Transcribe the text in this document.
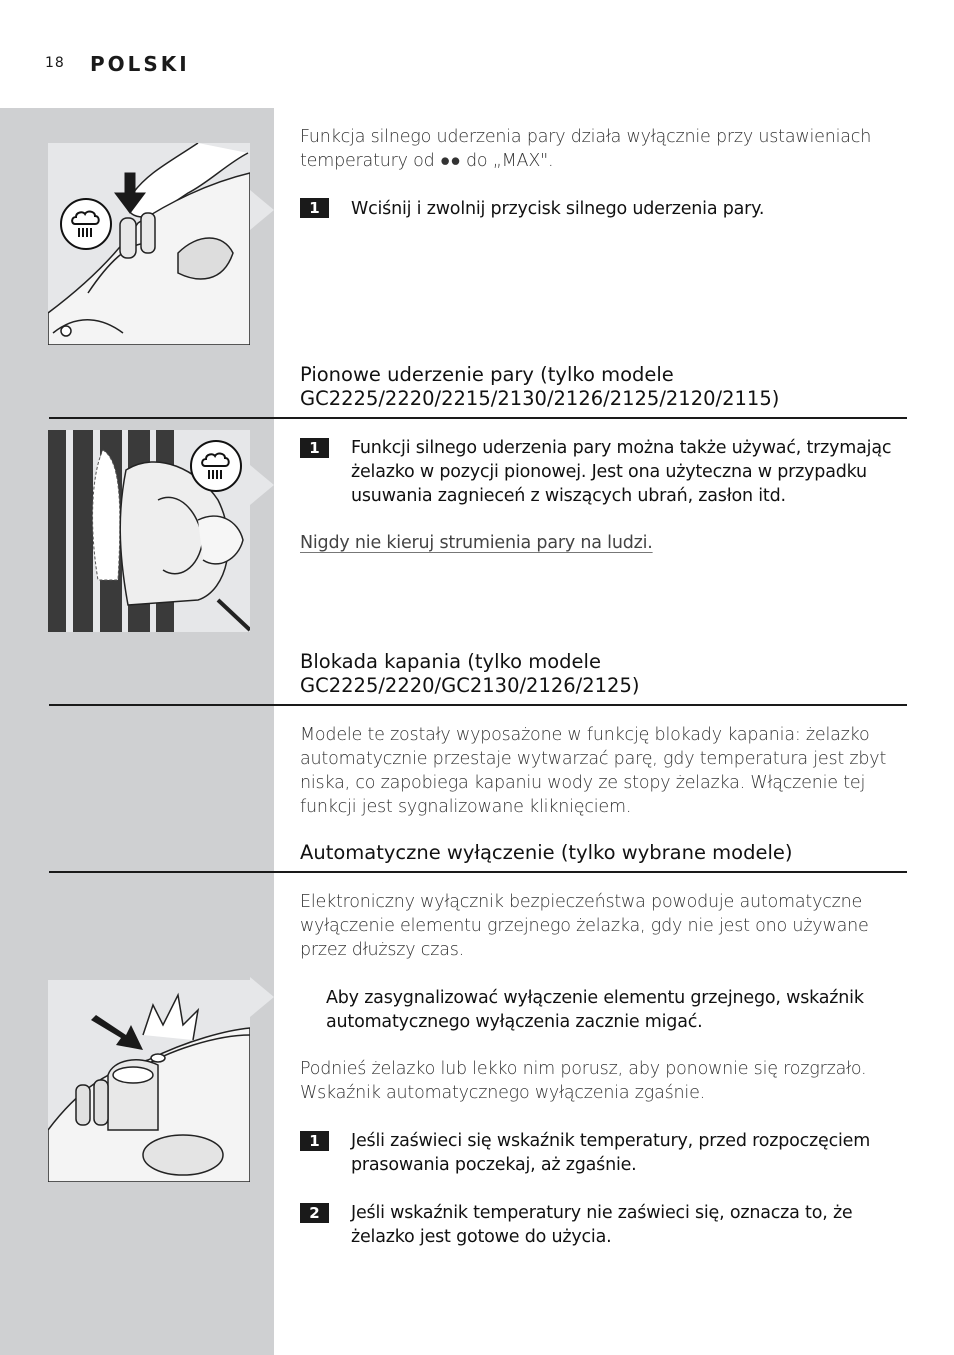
18 POLSKI
Funkcja silnego uderzenia pary działa wyłącznie przy ustawieniach temperatury od ●● do „MAX".
1	Wciśnij i zwolnij przycisk silnego uderzenia pary.
Pionowe uderzenie pary (tylko modele
GC2225/2220/2215/2130/2126/2125/2120/2115)
1	Funkcji silnego uderzenia pary można także używać, trzymając żelazko w pozycji pionowej. Jest ona użyteczna w przypadku usuwania zagnieceń z wiszących ubrań, zasłon itd.
Nigdy nie kieruj strumienia pary na ludzi.
Blokada kapania (tylko modele
GC2225/2220/GC2130/2126/2125)
Modele te zostały wyposażone w funkcję blokady kapania: żelazko automatycznie przestaje wytwarzać parę, gdy temperatura jest zbyt niska, co zapobiega kapaniu wody ze stopy żelazka. Włączenie tej funkcji jest sygnalizowane kliknięciem.
Automatyczne wyłączenie (tylko wybrane modele)
Elektroniczny wyłącznik bezpieczeństwa powoduje automatyczne wyłączenie elementu grzejnego żelazka, gdy nie jest ono używane przez dłuższy czas.
Aby zasygnalizować wyłączenie elementu grzejnego, wskaźnik automatycznego wyłączenia zacznie migać.
Podnieś żelazko lub lekko nim porusz, aby ponownie się rozgrzało. Wskaźnik automatycznego wyłączenia zgaśnie.
1	Jeśli zaświeci się wskaźnik temperatury, przed rozpoczęciem prasowania poczekaj, aż zgaśnie.
2	Jeśli wskaźnik temperatury nie zaświeci się, oznacza to, że żelazko jest gotowe do użycia.
